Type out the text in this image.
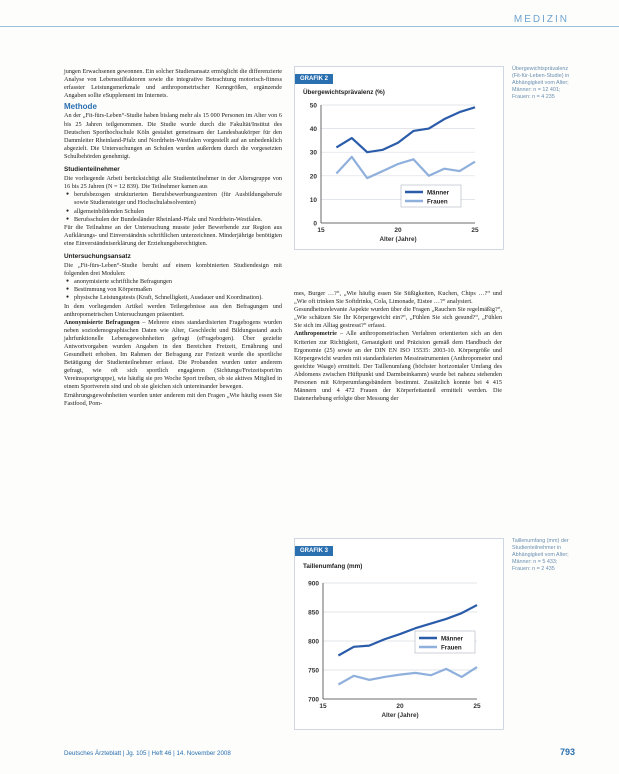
MEDIZIN

jungen Erwachsenen gewonnen. Ein solcher Studienansatz ermöglicht die differenzierte Analyse von Lebensstilfaktoren sowie die integrative Betrachtung motorisch-fitness erfasster Leistungsmerkmale und anthropometrischer Kenngrößen, ergänzende Angaben sollte eSupplement im Internets.

Methode

An der „Fit-fürs-Leben“-Studie haben bislang mehr als 15 000 Personen im Alter von 6 bis 25 Jahren teilgenommen. Die Studie wurde durch die Fakultät/Institut des Deutschen Sporthochschule Köln gestaltet gemeinsam der Landesbaukörper für den Dammleiter Rheinland-Pfalz und Nordrhein-Westfalen vorgestellt auf an unbedenklich abgezielt. Die Untersuchungen an Schulen wurden außerdem durch die vorgesetzten Schulbehörden genehmigt.

Studienteilnehmer

Die vorliegende Arbeit berücksichtigt alle Studienteilnehmer in der Altersgruppe von 16 bis 25 Jahren (N = 12 839). Die Teilnehmer kamen aus

● berufsbezogen strukturierten Berufsbewerbungszentren (für Ausbildungsberufe sowie Studiensteiger und Hochschulabsolventen)
● allgemeinbildenden Schulen
● Berufsschulen der Bundesländer Rheinland-Pfalz und Nordrhein-Westfalen.

Für die Teilnahme an der Untersuchung musste jeder Bewerbende zur Region aus Aufklärungs- und Einverständnis schriftlichen unterzeichnen. Minderjährige benötigten eine Einverständniserklärung der Erziehungsberechtigten.

Untersuchungsansatz

Die „Fit-fürs-Leben“-Studie beruht auf einem kombinierten Studiendesign mit folgenden drei Modulen:

● anonymisierte schriftliche Befragungen
● Bestimmung von Körpermaßen
● physische Leistungstests (Kraft, Schnelligkeit, Ausdauer und Koordination).

In dem vorliegenden Artikel werden Teilergebnisse aus den Befragungen und anthropometrischen Untersuchungen präsentiert.

Anonymisierte Befragungen – Mehrere eines standardisierten Fragebogens wurden neben soziodemographischen Daten wie Alter, Geschlecht und Bildungsstand auch jahrfunktionelle Lebensgewohnheiten gefragt (eFragebogen). Über gezielte Antwortvorgaben wurden Angaben in den Bereichen Freizeit, Ernährung und Gesundheit erhoben. Im Rahmen der Befragung zur Freizeit wurde die sportliche Betätigung der Studienteilnehmer erfasst. Die Probanden wurden unter anderem gefragt, wie oft sich sportlich engagieren (Sichtungs/Freizeitsport/im Vereinssportgruppe), wie häufig sie pro Woche Sport treiben, ob sie aktives Mitglied in einem Sportverein sind und ob sie gleichen sich untereinander bewegen.

Ernährungsgewohnheiten wurden unter anderem mit den Fragen „Wie häufig essen Sie Fastfood, Pom-

GRAFIK 2
Übergewichtsprävalenz (%)
0
10
20
30
40
50
15	20	25
Alter (Jahre)
Männer
Frauen
Übergewichtsprävalenz (Fit-für-Leben-Studie) in Abhängigkeit vom Alter; Männer: n = 12 401; Frauen: n = 4 235

mes, Burger …?“, „Wie häufig essen Sie Süßigkeiten, Kuchen, Chips …?“ und „Wie oft trinken Sie Softdrinks, Cola, Limonade, Eistee …?“ analysiert.

Gesundheitsrelevante Aspekte wurden über die Fragen „Rauchen Sie regelmäßig?“, „Wie schätzen Sie Ihr Körpergewicht ein?“, „Fühlen Sie sich gesund?“, „Fühlen Sie sich im Alltag gestresst?“ erfasst.

Anthropometrie – Alle anthropometrischen Verfahren orientierten sich an den Kriterien zur Richtigkeit, Genauigkeit und Präzision gemäß dem Handbuch der Ergonomie (25) sowie an der DIN EN ISO 15535: 2003-10. Körpergröße und Körpergewicht wurden mit standardisierten Messinstrumenten (Anthropometer und geeichte Waage) ermittelt. Der Taillenumfang (höchster horizontaler Umfang des Abdomens zwischen Hüftpunkt und Darmbeinkamm) wurde bei nahezu stehenden Personen mit Körperumfangsbändern bestimmt. Zusätzlich konnte bei 4 415 Männern und 4 472 Frauen der Körperfettanteil ermittelt werden. Die Datenerhebung erfolgte über Messung der

GRAFIK 3
Taillenumfang (mm)
700
750
800
850
900
15	20	25
Alter (Jahre)
Männer
Frauen
Taillenumfang (mm) der Studienteilnehmer in Abhängigkeit vom Alter; Männer: n = 5 433; Frauen: n = 2 435
Deutsches Ärzteblatt | Jg. 105 | Heft 46 | 14. November 2008	793
